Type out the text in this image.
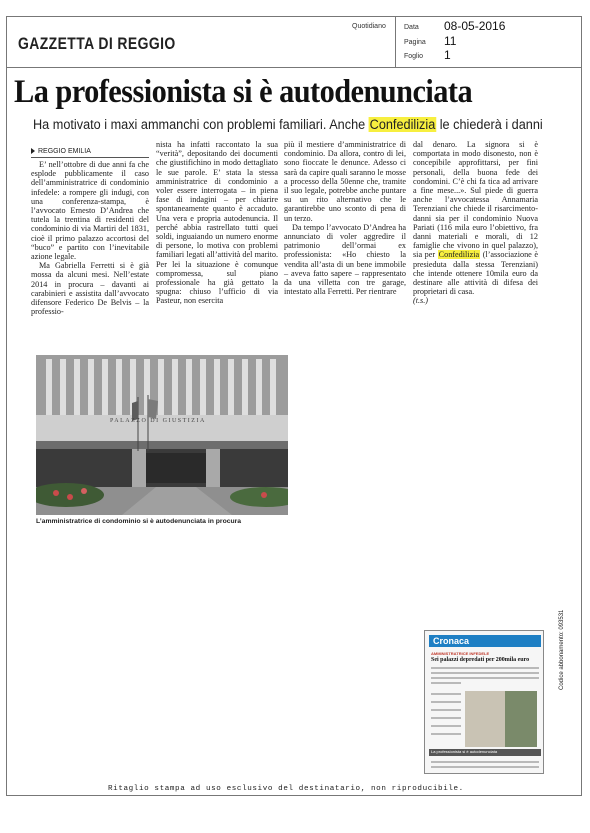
GAZZETTA DI REGGIO
Quotidiano	Data	08-05-2016
Pagina	11
Foglio	1
La professionista si è autodenunciata
Ha motivato i maxi ammanchi con problemi familiari. Anche Confedilizia le chiederà i danni
REGGIO EMILIA

E’ nell’ottobre di due anni fa che esplode pubblicamente il caso dell’amministratrice di condominio infedele: a rompere gli indugi, con una conferenza-stampa, è l’avvocato Ernesto D’Andrea che tutela la trentina di residenti del condominio di via Martiri del 1831, cioè il primo palazzo accortosi del “buco” e partito con l’inevitabile azione legale.

Ma Gabriella Ferretti si è già mossa da alcuni mesi. Nell’estate 2014 in procura – davanti ai carabinieri e assistita dall’avvocato difensore Federico De Belvis – la professio-

nista ha infatti raccontato la sua “verità”, depositando dei documenti che giustifichino in modo dettagliato le sue parole. E’ stata la stessa amministratrice di condominio a voler essere interrogata – in piena fase di indagini – per chiarire spontaneamente quanto è accaduto. Una vera e propria autodenuncia. Il perché abbia rastrellato tutti quei soldi, inguaiando un numero enorme di persone, lo motiva con problemi familiari legati all’attività del marito. Per lei la situazione è comunque compromessa, sul piano professionale ha già gettato la spugna: chiuso l’ufficio di via Pasteur, non esercita

più il mestiere d’amministratrice di condominio. Da allora, contro di lei, sono fioccate le denunce. Adesso ci sarà da capire quali saranno le mosse a processo della 50enne che, tramite il suo legale, potrebbe anche puntare su un rito alternativo che le garantirebbe uno sconto di pena di un terzo.

Da tempo l’avvocato D’Andrea ha annunciato di voler aggredire il patrimonio dell’ormai ex professionista: «Ho chiesto la vendita all’asta di un bene immobile – aveva fatto sapere – rappresentato da una villetta con tre garage, intestato alla Ferretti. Per rientrare

dal denaro. La signora si è comportata in modo disonesto, non è concepibile approfittarsi, per fini personali, della buona fede dei condomini. C’è chi fa tica ad arrivare a fine mese...». Sul piede di guerra anche l’avvocatessa Annamaria Terenziani che chiede il risarcimento-danni sia per il condominio Nuova Pariati (116 mila euro l’obiettivo, fra danni materiali e morali, di 12 famiglie che vivono in quel palazzo), sia per Confedilizia (l’associazione è presieduta dalla stessa Terenziani) che intende ottenere 10mila euro da destinare alle attività di difesa dei proprietari di casa.

(t.s.)

PALAZZO DI GIUSTIZIA
L’amministratrice di condominio si è autodenunciata in procura
Cronaca
AMMINISTRATRICE INFEDELE
Sei palazzi depredati per 200mila euro
La professionista si è autodenunciata
Codice abbonamento: 093531
Ritaglio stampa ad uso esclusivo del destinatario, non riproducibile.
